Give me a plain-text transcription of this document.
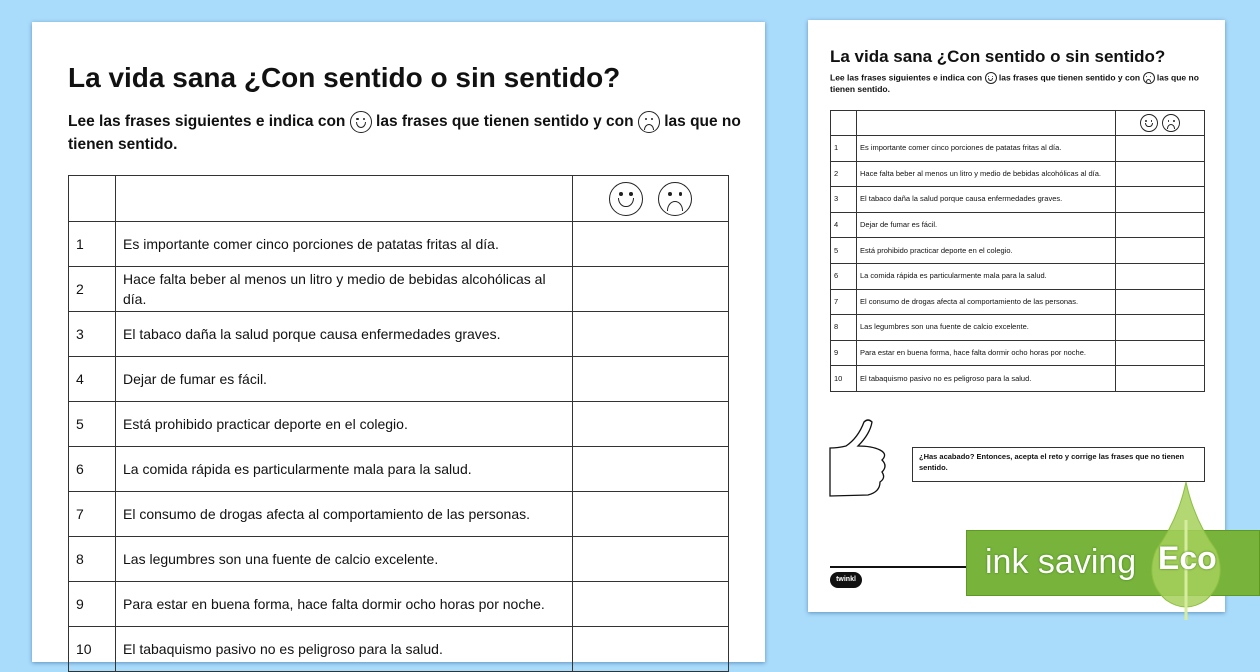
La vida sana ¿Con sentido o sin sentido?
Lee las frases siguientes e indica con las frases que tienen sentido y con las que no tienen sentido.

1	Es importante comer cinco porciones de patatas fritas al día.	
2	Hace falta beber al menos un litro y medio de bebidas alcohólicas al día.	
3	El tabaco daña la salud porque causa enfermedades graves.	
4	Dejar de fumar es fácil.	
5	Está prohibido practicar deporte en el colegio.	
6	La comida rápida es particularmente mala para la salud.	
7	El consumo de drogas afecta al comportamiento de las personas.	
8	Las legumbres son una fuente de calcio excelente.	
9	Para estar en buena forma, hace falta dormir ocho horas por noche.	
10	El tabaquismo pasivo no es peligroso para la salud.	
La vida sana ¿Con sentido o sin sentido?
Lee las frases siguientes e indica con las frases que tienen sentido y con las que no tienen sentido.

1	Es importante comer cinco porciones de patatas fritas al día.	
2	Hace falta beber al menos un litro y medio de bebidas alcohólicas al día.	
3	El tabaco daña la salud porque causa enfermedades graves.	
4	Dejar de fumar es fácil.	
5	Está prohibido practicar deporte en el colegio.	
6	La comida rápida es particularmente mala para la salud.	
7	El consumo de drogas afecta al comportamiento de las personas.	
8	Las legumbres son una fuente de calcio excelente.	
9	Para estar en buena forma, hace falta dormir ocho horas por noche.	
10	El tabaquismo pasivo no es peligroso para la salud.	
¿Has acabado? Entonces, acepta el reto y corrige las frases que no tienen sentido.
twinkl	ink saving Eco
